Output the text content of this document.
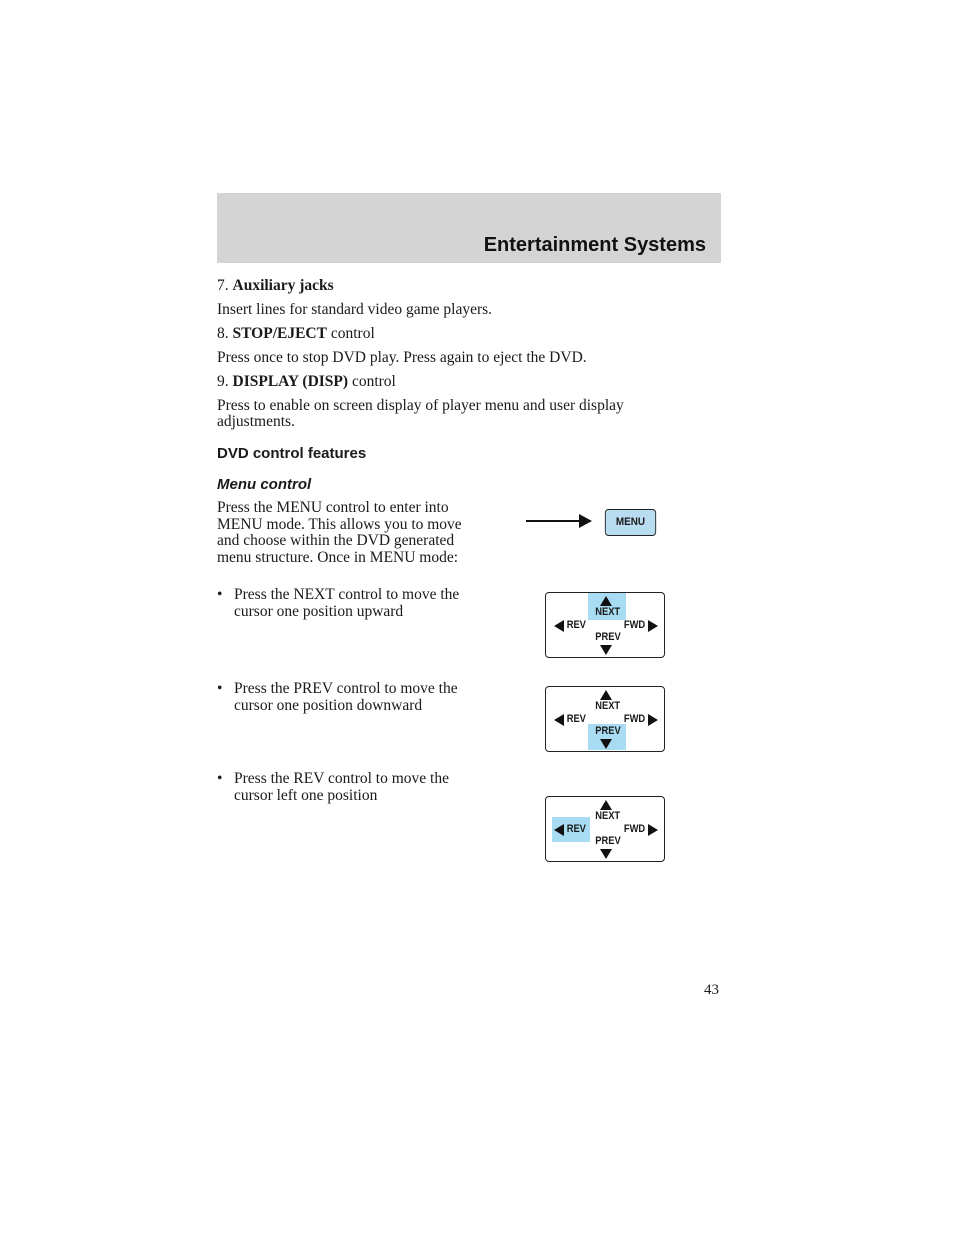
Entertainment Systems
7. Auxiliary jacks
Insert lines for standard video game players.
8. STOP/EJECT control
Press once to stop DVD play. Press again to eject the DVD.
9. DISPLAY (DISP) control
Press to enable on screen display of player menu and user display
adjustments.
DVD control features
Menu control
Press the MENU control to enter into MENU mode. This allows you to move and choose within the DVD generated menu structure. Once in MENU mode:
MENU
• Press the NEXT control to move the cursor one position upward
• Press the PREV control to move the cursor one position downward
• Press the REV control to move the cursor left one position
NEXT
REV	FWD
PREV
NEXT
REV	FWD
PREV
NEXT
REV	FWD
PREV
43
